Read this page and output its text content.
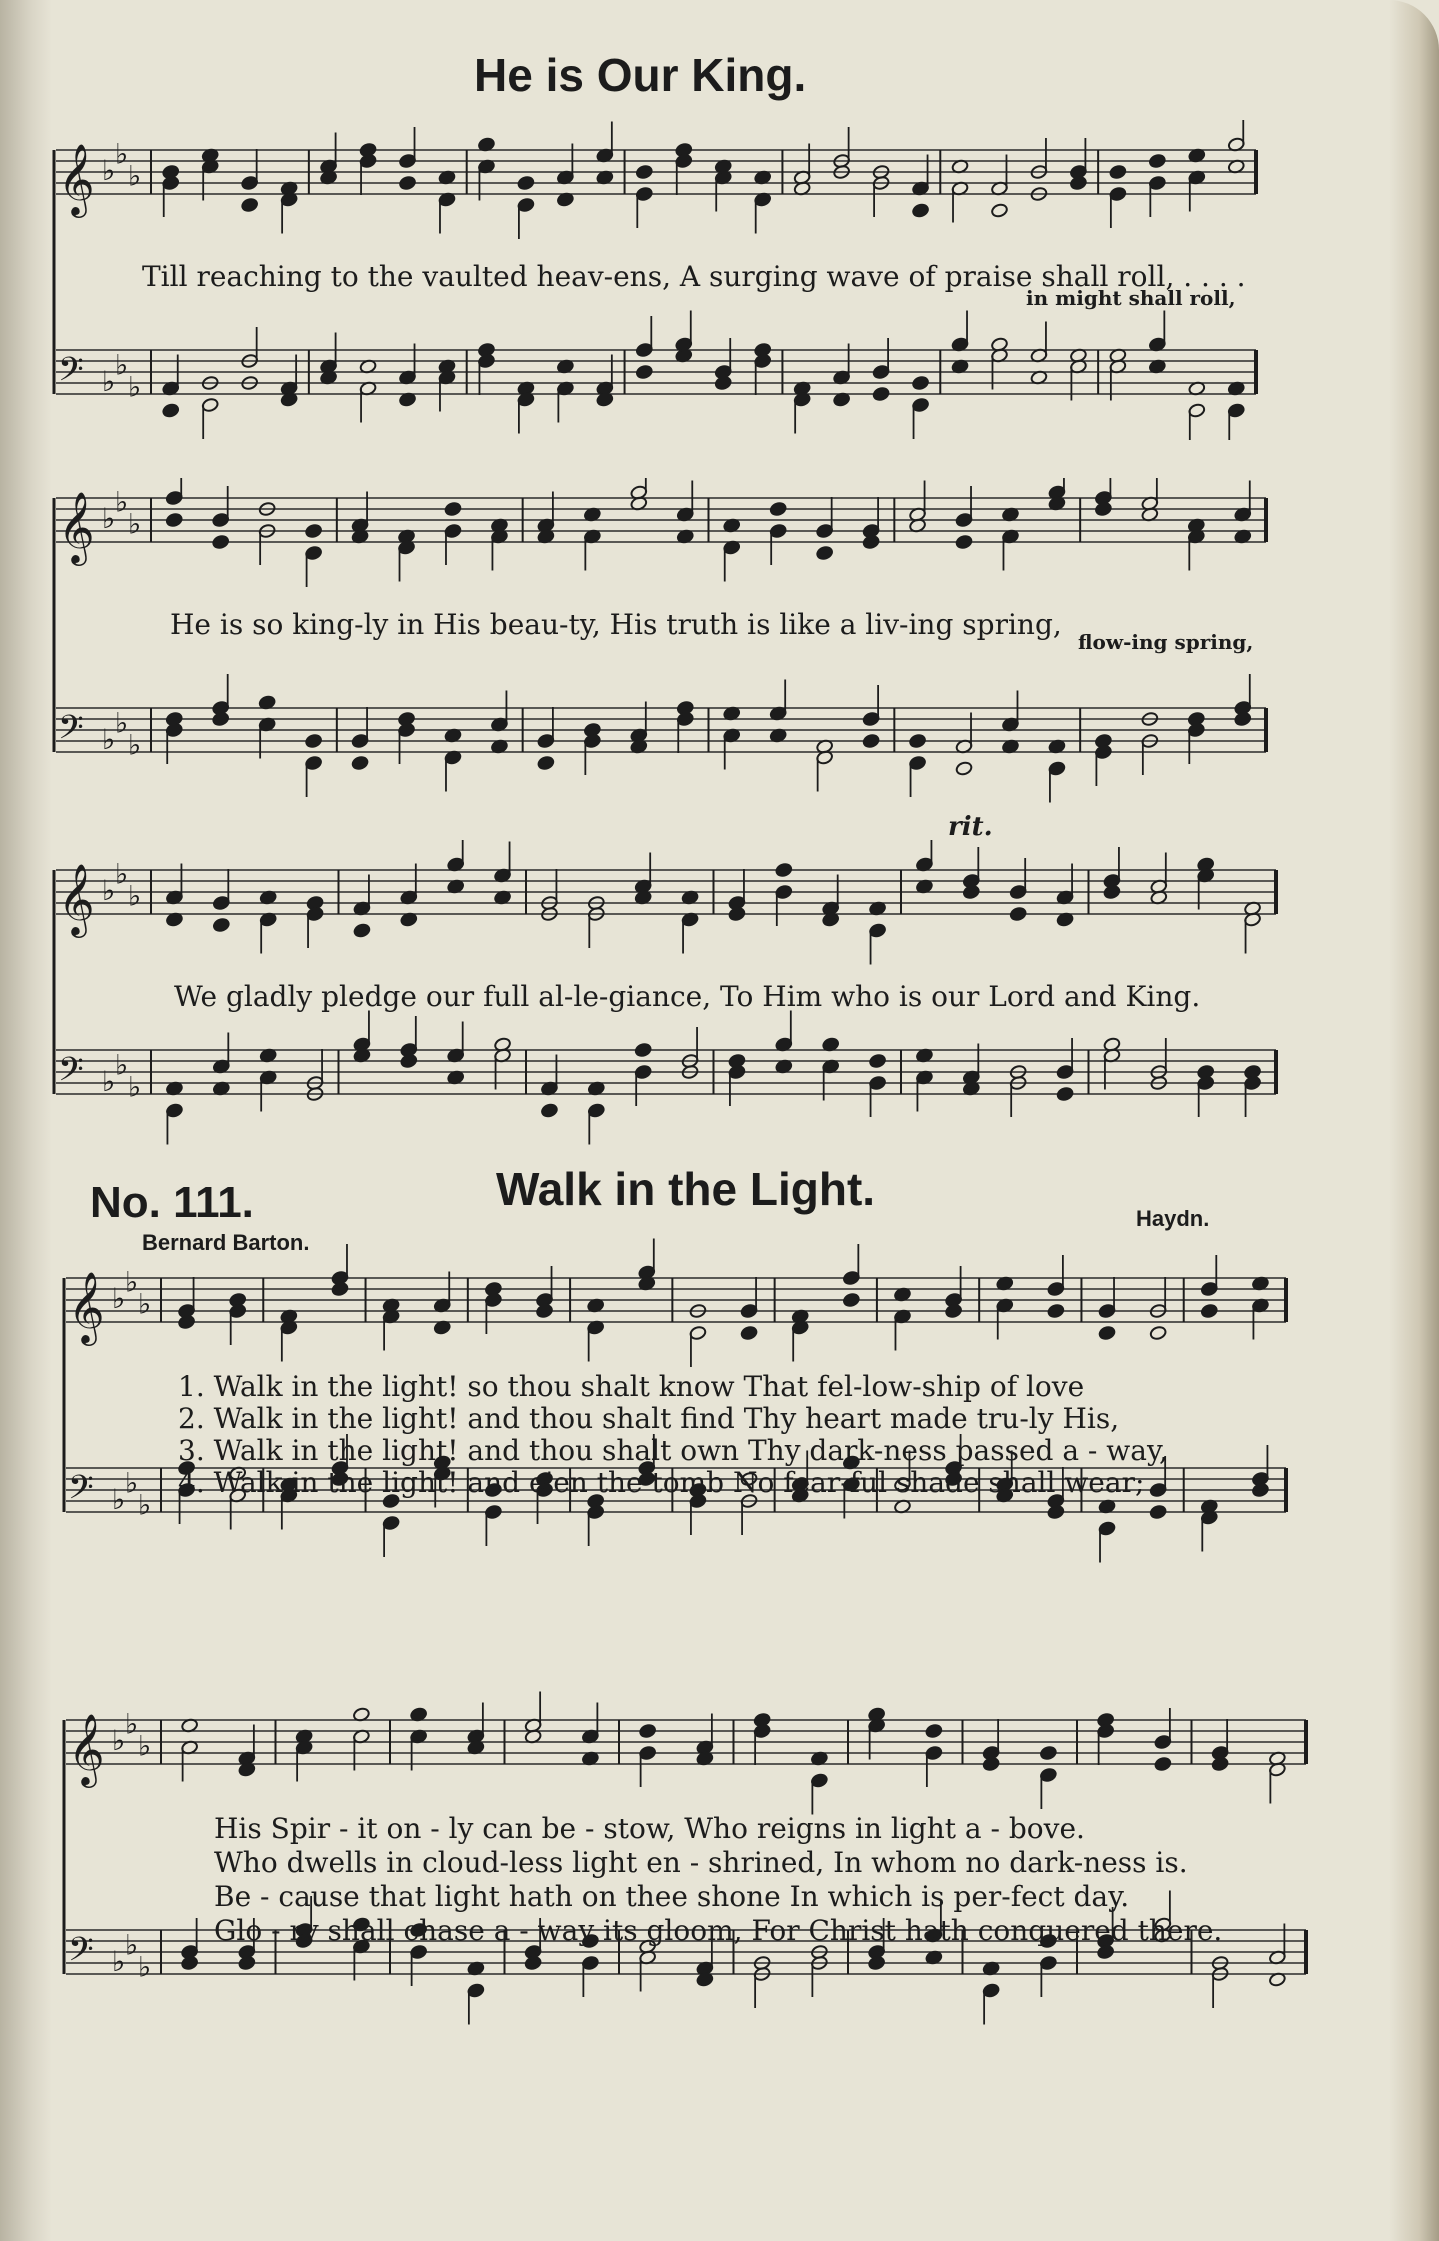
He is Our King.
𝄞 ♭ ♭
♭
𝄢 ♭ ♭
♭
Till reaching to the vaulted heav-ens, A surging wave of praise shall roll, . . . .
in might shall roll,
𝄞 ♭ ♭
♭
𝄢 ♭ ♭
♭
He is so king-ly in His beau-ty, His truth is like a liv-ing spring,
flow-ing spring,
rit.
𝄞 ♭ ♭
♭
𝄢 ♭ ♭
♭
We gladly pledge our full al-le-giance, To Him who is our Lord and King.
No. 111.	Walk in the Light.
Bernard Barton.
Haydn.
𝄞 ♭ ♭
♭
𝄢 ♭ ♭
♭
1. Walk in the light! so thou shalt know That fel-low-ship of love
2. Walk in the light! and thou shalt find Thy heart made tru-ly His,
3. Walk in the light! and thou shalt own Thy dark-ness passed a - way,
4. Walk in the light! and e'en the tomb No fear-ful shade shall wear;
𝄞 ♭ ♭
♭
𝄢 ♭ ♭
♭
His Spir - it on - ly can be - stow, Who reigns in light a - bove.
Who dwells in cloud-less light en - shrined, In whom no dark-ness is.
Be - cause that light hath on thee shone In which is per-fect day.
Glo - ry shall chase a - way its gloom, For Christ hath conquered there.
